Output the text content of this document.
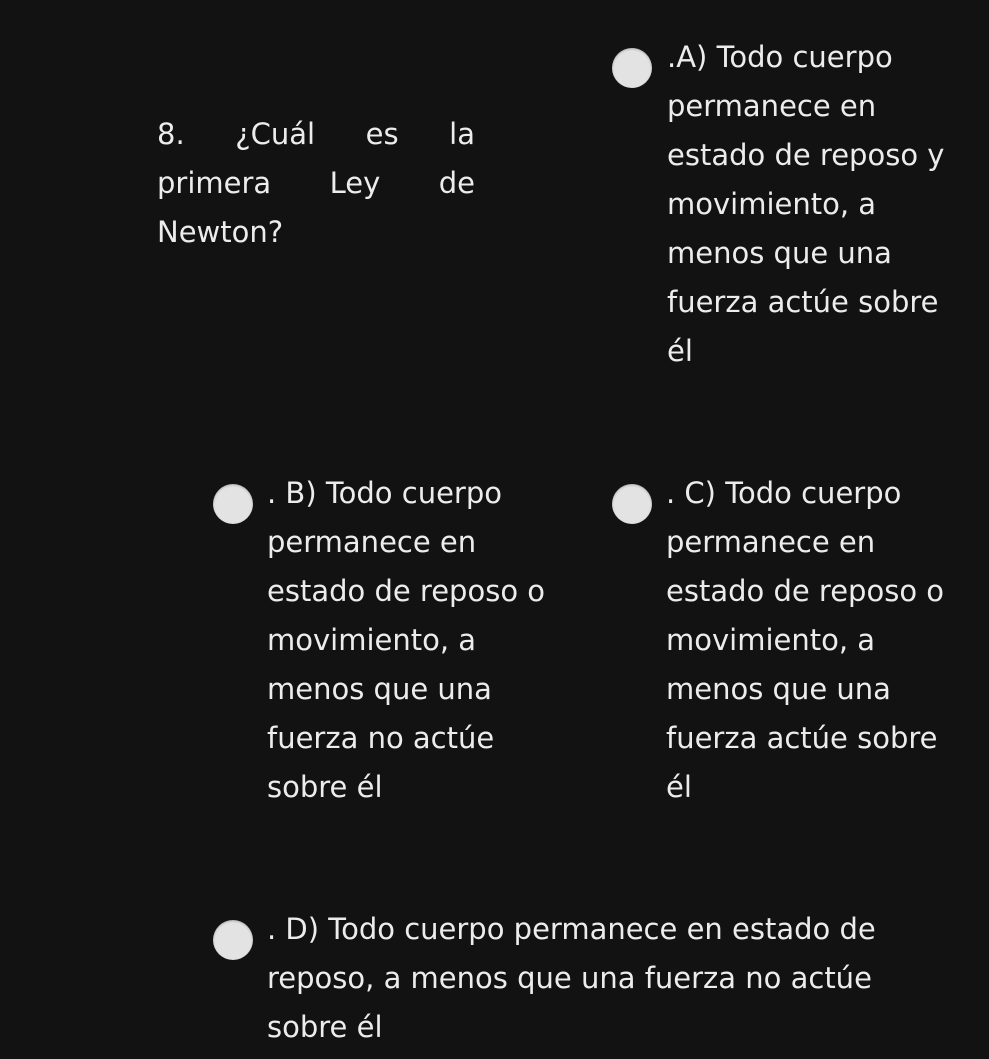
8. ¿Cuál es la primera Ley de Newton?
.A) Todo cuerpo
permanece en
estado de reposo y
movimiento, a
menos que una
fuerza actúe sobre
él
. B) Todo cuerpo
permanece en
estado de reposo o
movimiento, a
menos que una
fuerza no actúe
sobre él
. C) Todo cuerpo
permanece en
estado de reposo o
movimiento, a
menos que una
fuerza actúe sobre
él
. D) Todo cuerpo permanece en estado de
reposo, a menos que una fuerza no actúe
sobre él
